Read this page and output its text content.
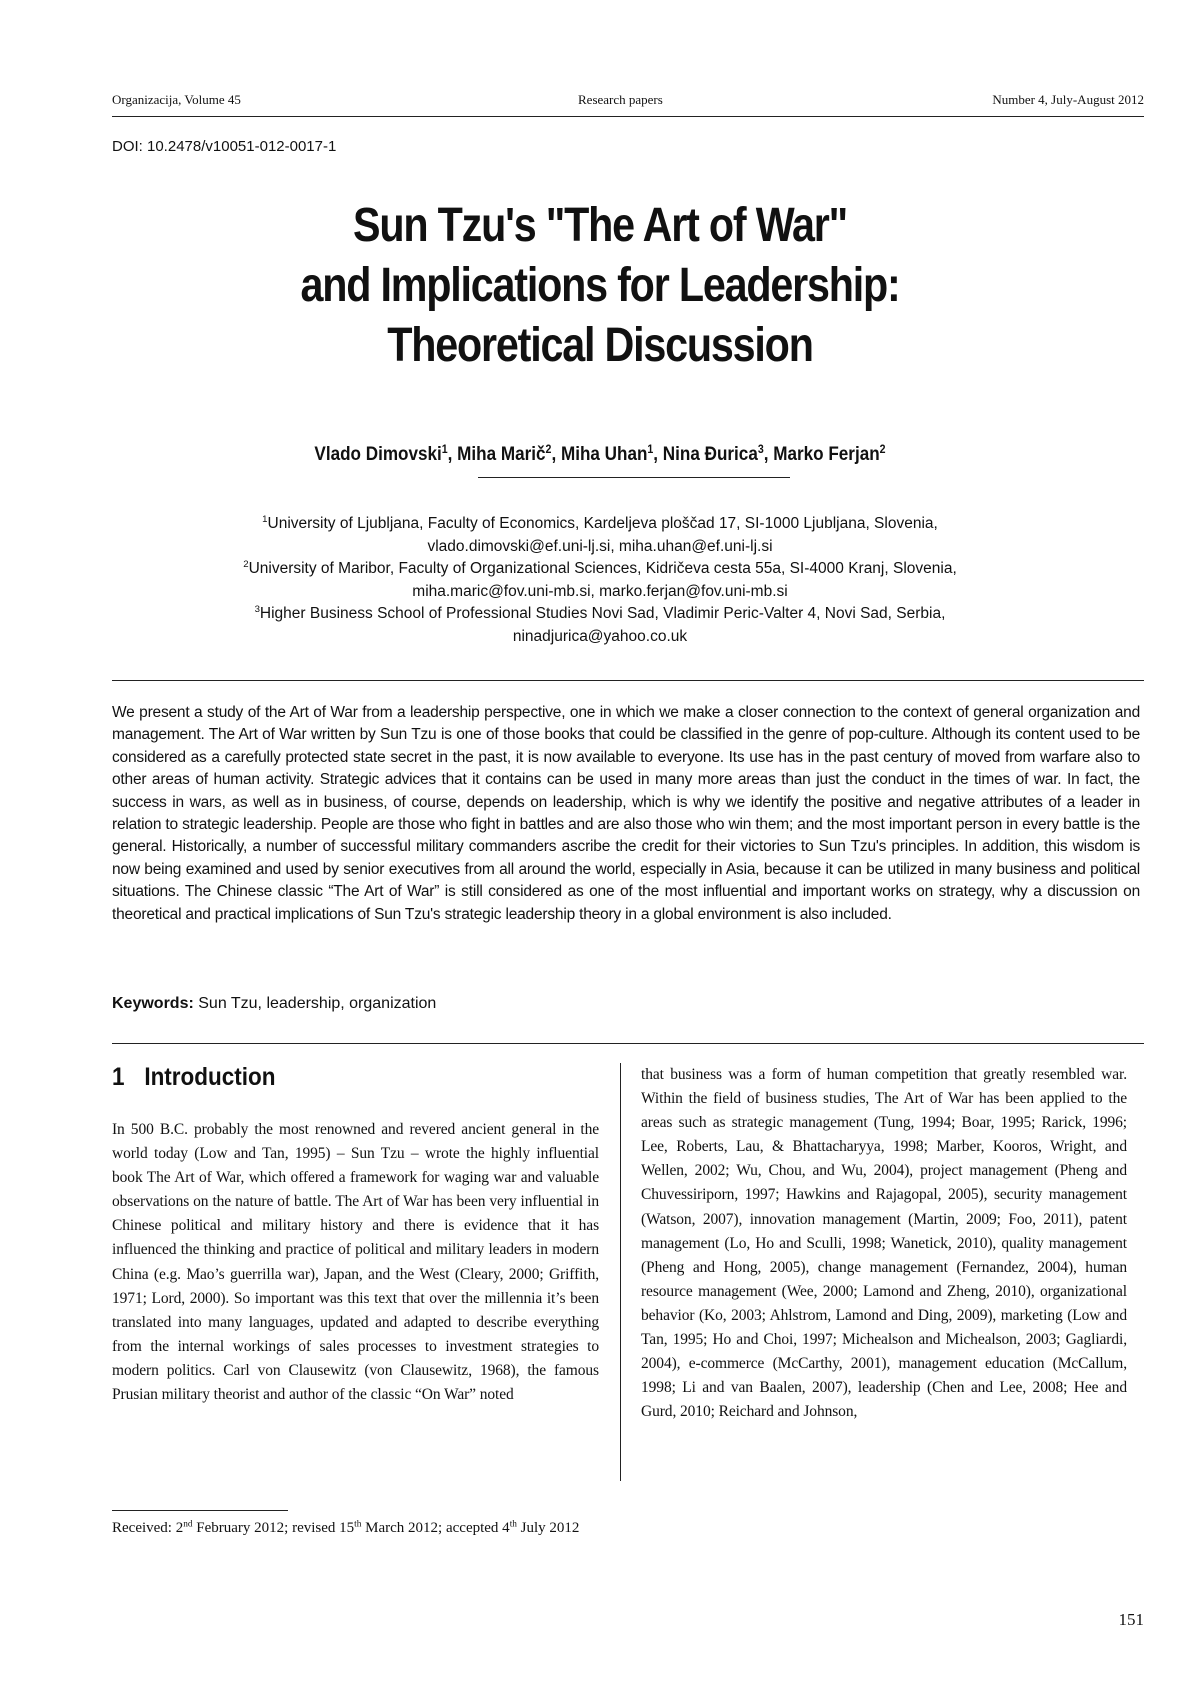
Organizacija, Volume 45	Research papers	Number 4, July-August 2012
DOI: 10.2478/v10051-012-0017-1
Sun Tzu's "The Art of War"
and Implications for Leadership:
Theoretical Discussion
Vlado Dimovski$^1$, Miha Marič$^2$, Miha Uhan$^1$, Nina Đurica$^3$, Marko Ferjan$^2$
$^1$University of Ljubljana, Faculty of Economics, Kardeljeva ploščad 17, SI-1000 Ljubljana, Slovenia,
vlado.dimovski@ef.uni-lj.si, miha.uhan@ef.uni-lj.si
$^2$University of Maribor, Faculty of Organizational Sciences, Kidričeva cesta 55a, SI-4000 Kranj, Slovenia,
miha.maric@fov.uni-mb.si, marko.ferjan@fov.uni-mb.si
$^3$Higher Business School of Professional Studies Novi Sad, Vladimir Peric-Valter 4, Novi Sad, Serbia,
ninadjurica@yahoo.co.uk
We present a study of the Art of War from a leadership perspective, one in which we make a closer connection to the context of general organization and management. The Art of War written by Sun Tzu is one of those books that could be classified in the genre of pop-culture. Although its content used to be considered as a carefully protected state secret in the past, it is now available to everyone. Its use has in the past century of moved from warfare also to other areas of human activity. Strategic advices that it contains can be used in many more areas than just the conduct in the times of war. In fact, the success in wars, as well as in business, of course, depends on leadership, which is why we identify the positive and negative attributes of a leader in relation to strategic leadership. People are those who fight in battles and are also those who win them; and the most important person in every battle is the general. Historically, a number of successful military commanders ascribe the credit for their victories to Sun Tzu's principles. In addition, this wisdom is now being examined and used by senior executives from all around the world, especially in Asia, because it can be utilized in many business and political situations. The Chinese classic “The Art of War” is still considered as one of the most influential and important works on strategy, why a discussion on theoretical and practical implications of Sun Tzu's strategic leadership theory in a global environment is also included.
Keywords: Sun Tzu, leadership, organization
1 Introduction
In 500 B.C. probably the most renowned and revered ancient general in the world today (Low and Tan, 1995) – Sun Tzu – wrote the highly influential book The Art of War, which offered a framework for waging war and valuable observations on the nature of battle. The Art of War has been very influential in Chinese political and military history and there is evidence that it has influenced the thinking and practice of political and military leaders in modern China (e.g. Mao’s guerrilla war), Japan, and the West (Cleary, 2000; Griffith, 1971; Lord, 2000). So important was this text that over the millennia it’s been translated into many languages, updated and adapted to describe everything from the internal workings of sales processes to investment strategies to modern politics. Carl von Clausewitz (von Clausewitz, 1968), the famous Prusian military theorist and author of the classic “On War” noted
that business was a form of human competition that greatly resembled war. Within the field of business studies, The Art of War has been applied to the areas such as strategic management (Tung, 1994; Boar, 1995; Rarick, 1996; Lee, Roberts, Lau, & Bhattacharyya, 1998; Marber, Kooros, Wright, and Wellen, 2002; Wu, Chou, and Wu, 2004), project management (Pheng and Chuvessiriporn, 1997; Hawkins and Rajagopal, 2005), security management (Watson, 2007), innovation management (Martin, 2009; Foo, 2011), patent management (Lo, Ho and Sculli, 1998; Wanetick, 2010), quality management (Pheng and Hong, 2005), change management (Fernandez, 2004), human resource management (Wee, 2000; Lamond and Zheng, 2010), organizational behavior (Ko, 2003; Ahlstrom, Lamond and Ding, 2009), marketing (Low and Tan, 1995; Ho and Choi, 1997; Michealson and Michealson, 2003; Gagliardi, 2004), e-commerce (McCarthy, 2001), management education (McCallum, 1998; Li and van Baalen, 2007), leadership (Chen and Lee, 2008; Hee and Gurd, 2010; Reichard and Johnson,
Received: 2nd February 2012; revised 15th March 2012; accepted 4th July 2012
151
